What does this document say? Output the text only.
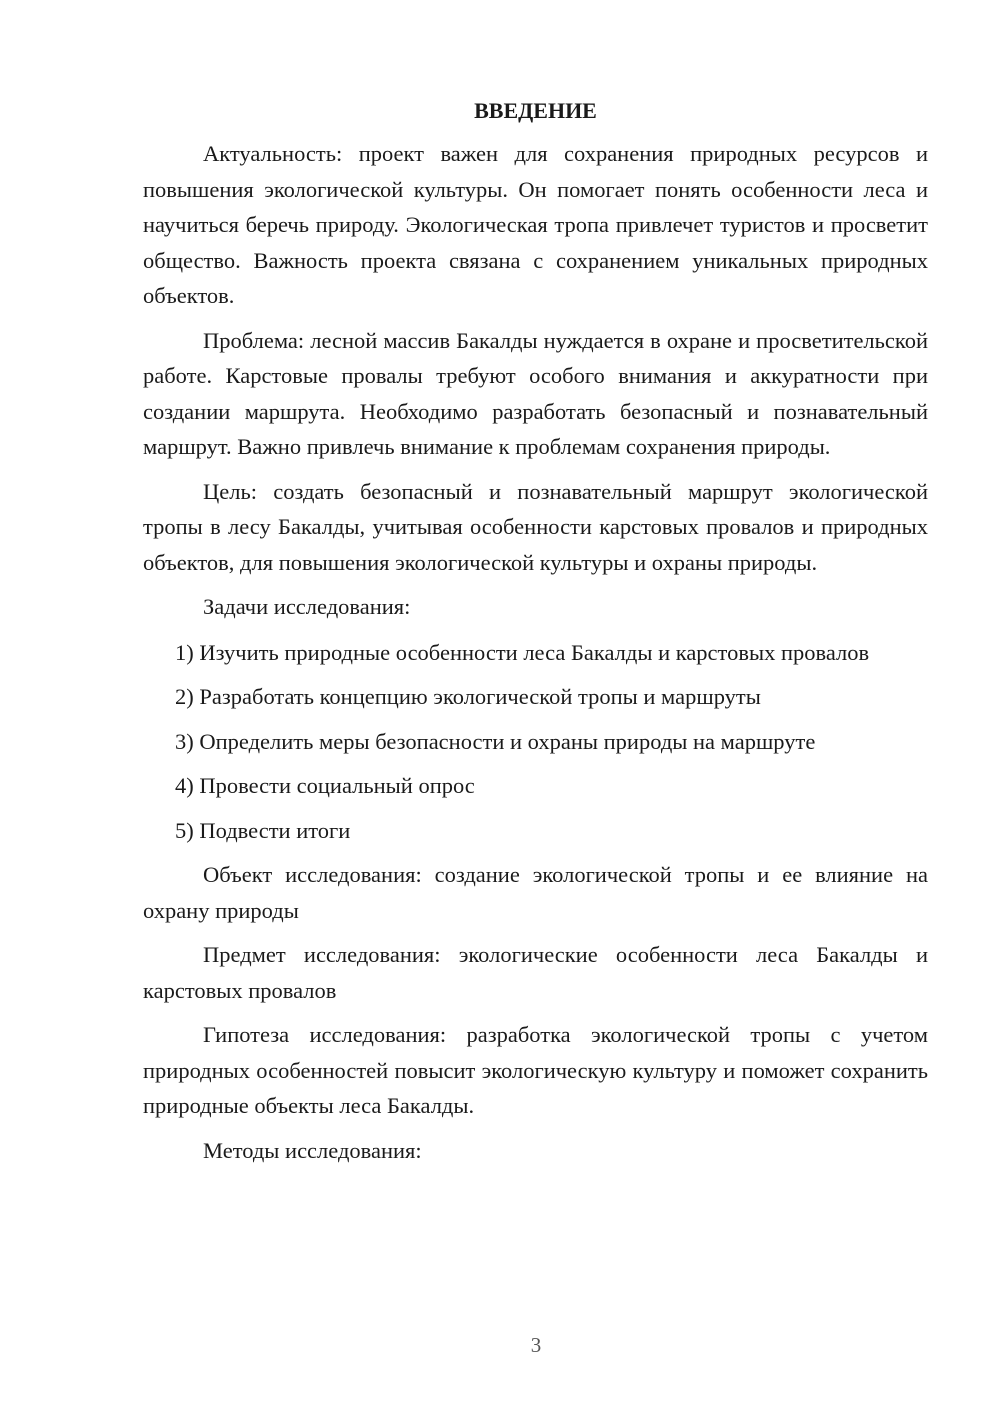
ВВЕДЕНИЕ

Актуальность: проект важен для сохранения природных ресурсов и повышения экологической культуры. Он помогает понять особенности леса и научиться беречь природу. Экологическая тропа привлечет туристов и просветит общество. Важность проекта связана с сохранением уникальных природных объектов.

Проблема: лесной массив Бакалды нуждается в охране и просветительской работе. Карстовые провалы требуют особого внимания и аккуратности при создании маршрута. Необходимо разработать безопасный и познавательный маршрут. Важно привлечь внимание к проблемам сохранения природы.

Цель: создать безопасный и познавательный маршрут экологической тропы в лесу Бакалды, учитывая особенности карстовых провалов и природных объектов, для повышения экологической культуры и охраны природы.

Задачи исследования:

1) Изучить природные особенности леса Бакалды и карстовых провалов

2) Разработать концепцию экологической тропы и маршруты

3) Определить меры безопасности и охраны природы на маршруте

4) Провести социальный опрос

5) Подвести итоги

Объект исследования: создание экологической тропы и ее влияние на охрану природы

Предмет исследования: экологические особенности леса Бакалды и карстовых провалов

Гипотеза исследования: разработка экологической тропы с учетом природных особенностей повысит экологическую культуру и поможет сохранить природные объекты леса Бакалды.

Методы исследования:

3
